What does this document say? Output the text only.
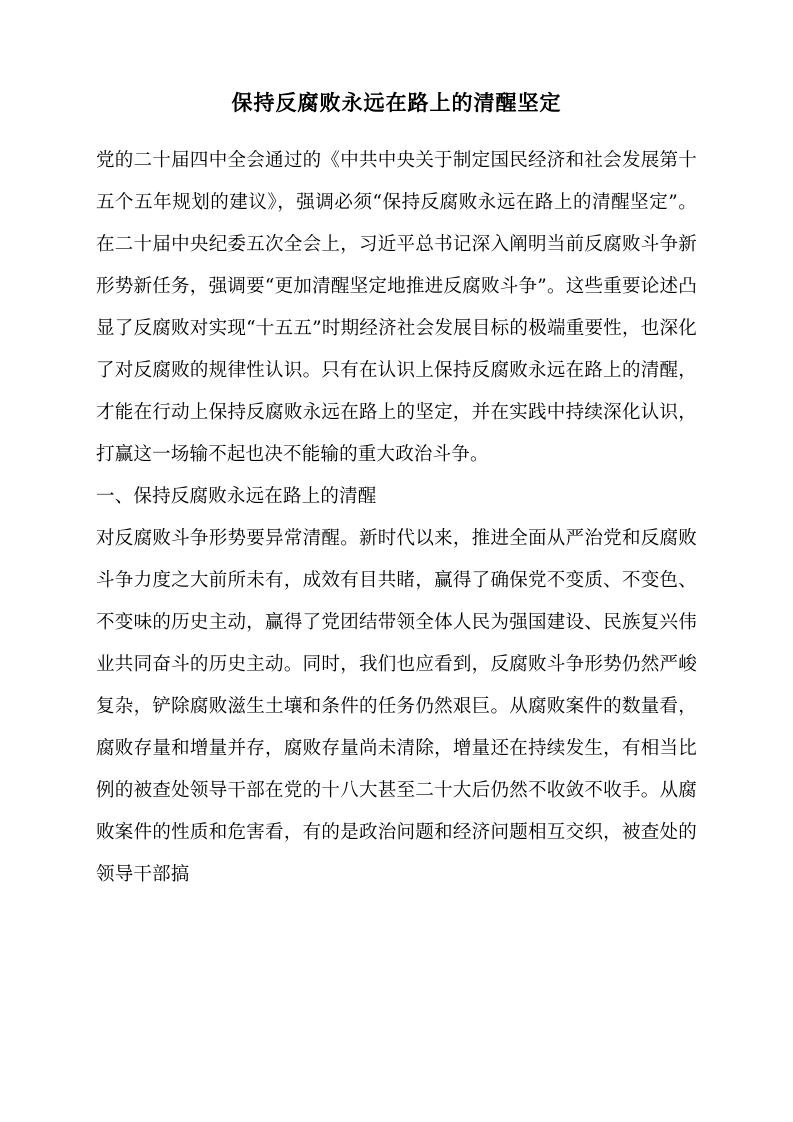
保持反腐败永远在路上的清醒坚定

党的二十届四中全会通过的《中共中央关于制定国民经济和社会发展第十五个五年规划的建议》，强调必须“保持反腐败永远在路上的清醒坚定”。在二十届中央纪委五次全会上，习近平总书记深入阐明当前反腐败斗争新形势新任务，强调要“更加清醒坚定地推进反腐败斗争”。这些重要论述凸显了反腐败对实现“十五五”时期经济社会发展目标的极端重要性，也深化了对反腐败的规律性认识。只有在认识上保持反腐败永远在路上的清醒，才能在行动上保持反腐败永远在路上的坚定，并在实践中持续深化认识，打赢这一场输不起也决不能输的重大政治斗争。

一、保持反腐败永远在路上的清醒

对反腐败斗争形势要异常清醒。新时代以来，推进全面从严治党和反腐败斗争力度之大前所未有，成效有目共睹，赢得了确保党不变质、不变色、不变味的历史主动，赢得了党团结带领全体人民为强国建设、民族复兴伟业共同奋斗的历史主动。同时，我们也应看到，反腐败斗争形势仍然严峻复杂，铲除腐败滋生土壤和条件的任务仍然艰巨。从腐败案件的数量看，腐败存量和增量并存，腐败存量尚未清除，增量还在持续发生，有相当比例的被查处领导干部在党的十八大甚至二十大后仍然不收敛不收手。从腐败案件的性质和危害看，有的是政治问题和经济问题相互交织，被查处的领导干部搞
